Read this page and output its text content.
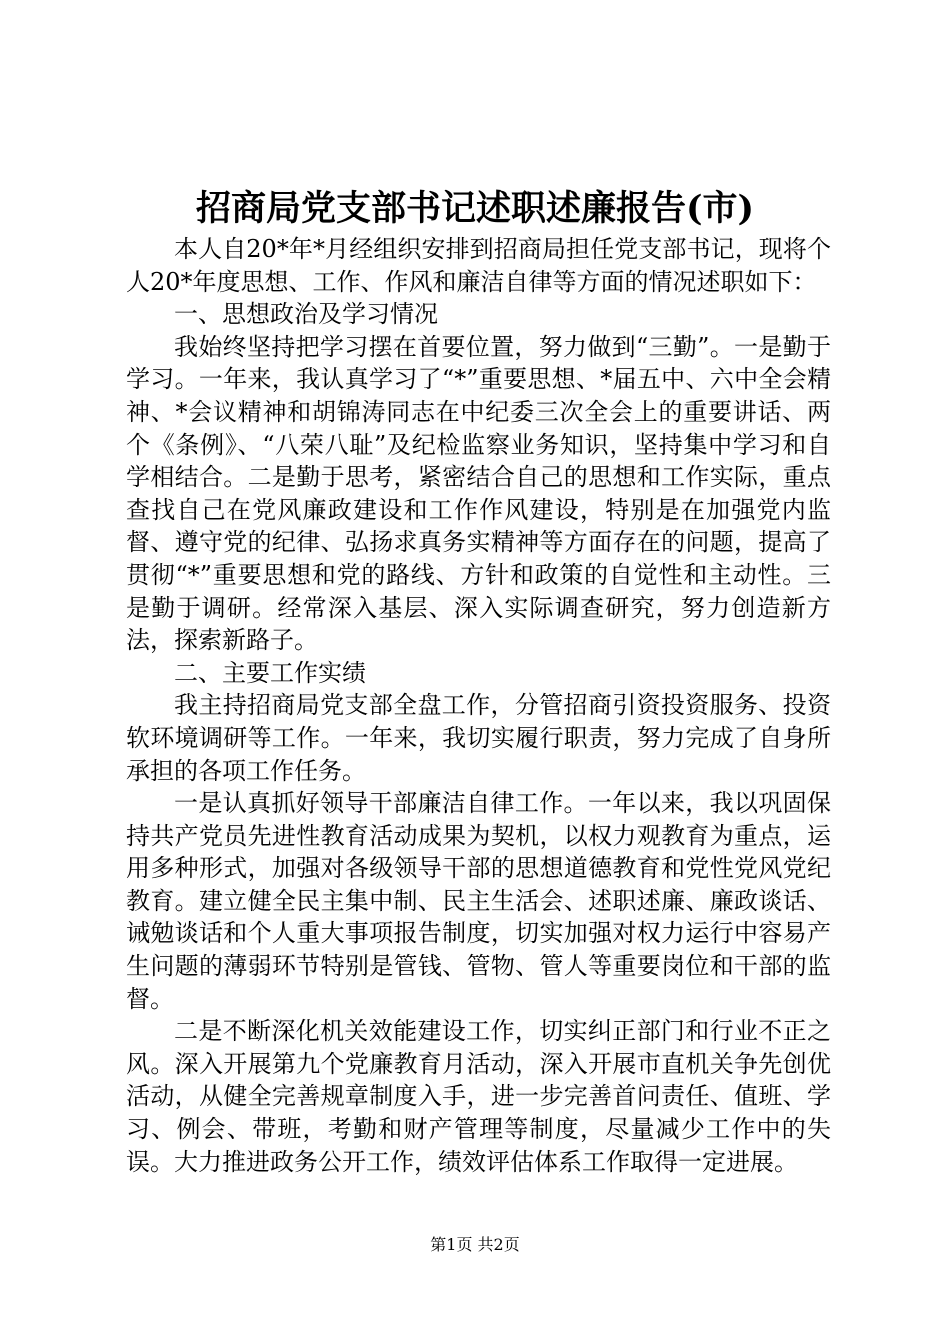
招商局党支部书记述职述廉报告(市)

本人自20*年*月经组织安排到招商局担任党支部书记，现将个人20*年度思想、工作、作风和廉洁自律等方面的情况述职如下：

一、思想政治及学习情况

我始终坚持把学习摆在首要位置，努力做到“三勤”。一是勤于学习。一年来，我认真学习了“*”重要思想、*届五中、六中全会精神、*会议精神和胡锦涛同志在中纪委三次全会上的重要讲话、两个《条例》、“八荣八耻”及纪检监察业务知识，坚持集中学习和自学相结合。二是勤于思考，紧密结合自己的思想和工作实际，重点查找自己在党风廉政建设和工作作风建设，特别是在加强党内监督、遵守党的纪律、弘扬求真务实精神等方面存在的问题，提高了贯彻“*”重要思想和党的路线、方针和政策的自觉性和主动性。三是勤于调研。经常深入基层、深入实际调查研究，努力创造新方法，探索新路子。

二、主要工作实绩

我主持招商局党支部全盘工作，分管招商引资投资服务、投资软环境调研等工作。一年来，我切实履行职责，努力完成了自身所承担的各项工作任务。

一是认真抓好领导干部廉洁自律工作。一年以来，我以巩固保持共产党员先进性教育活动成果为契机，以权力观教育为重点，运用多种形式，加强对各级领导干部的思想道德教育和党性党风党纪教育。建立健全民主集中制、民主生活会、述职述廉、廉政谈话、诫勉谈话和个人重大事项报告制度，切实加强对权力运行中容易产生问题的薄弱环节特别是管钱、管物、管人等重要岗位和干部的监督。

二是不断深化机关效能建设工作，切实纠正部门和行业不正之风。深入开展第九个党廉教育月活动，深入开展市直机关争先创优活动，从健全完善规章制度入手，进一步完善首问责任、值班、学习、例会、带班，考勤和财产管理等制度，尽量减少工作中的失误。大力推进政务公开工作，绩效评估体系工作取得一定进展。

第1页 共2页
